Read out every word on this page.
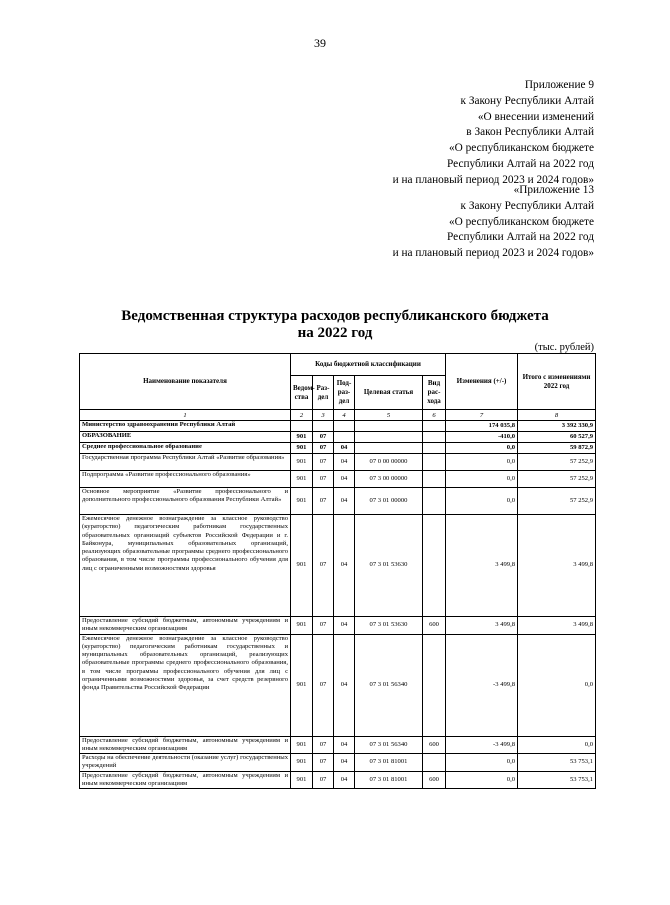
39
Приложение 9
к Закону Республики Алтай
«О внесении изменений
в Закон Республики Алтай
«О республиканском бюджете
Республики Алтай на 2022 год
и на плановый период 2023 и 2024 годов»
«Приложение 13
к Закону Республики Алтай
«О республиканском бюджете
Республики Алтай на 2022 год
и на плановый период 2023 и 2024 годов»
Ведомственная структура расходов республиканского бюджета
на 2022 год
(тыс. рублей)
Наименование показателя	Коды бюджетной классификации					Изменения (+/-)	Итого с изменениями 2022 год
	Ведом-ства	Раз-дел	Под-раз-дел	Целевая статья	Вид рас-хода		
1	2	3	4	5	6	7	8
Министерство здравоохранения Республики Алтай						174 035,8	3 392 330,9
ОБРАЗОВАНИЕ	901	07				-410,0	60 527,9
Среднее профессиональное образование	901	07	04			0,0	59 872,9
Государственная программа Республики Алтай «Развитие образования»	901	07	04	07 0 00 00000		0,0	57 252,9
Подпрограмма «Развитие профессионального образования»	901	07	04	07 3 00 00000		0,0	57 252,9
Основное мероприятие «Развитие профессионального и дополнительного профессионального образования Республики Алтай»	901	07	04	07 3 01 00000		0,0	57 252,9
Ежемесячное денежное вознаграждение за классное руководство (кураторство) педагогическим работникам государственных образовательных организаций субъектов Российской Федерации и г. Байконура, муниципальных образовательных организаций, реализующих образовательные программы среднего профессионального образования, в том числе программы профессионального обучения для лиц с ограниченными возможностями здоровья	901	07	04	07 3 01 53630		3 499,8	3 499,8
Предоставление субсидий бюджетным, автономным учреждениям и иным некоммерческим организациям	901	07	04	07 3 01 53630	600	3 499,8	3 499,8
Ежемесячное денежное вознаграждение за классное руководство (кураторство) педагогическим работникам государственных и муниципальных образовательных организаций, реализующих образовательные программы среднего профессионального образования, в том числе программы профессионального обучения для лиц с ограниченными возможностями здоровья, за счет средств резервного фонда Правительства Российской Федерации	901	07	04	07 3 01 56340		-3 499,8	0,0
Предоставление субсидий бюджетным, автономным учреждениям и иным некоммерческим организациям	901	07	04	07 3 01 56340	600	-3 499,8	0,0
Расходы на обеспечение деятельности (оказание услуг) государственных учреждений	901	07	04	07 3 01 81001		0,0	53 753,1
Предоставление субсидий бюджетным, автономным учреждениям и иным некоммерческим организациям	901	07	04	07 3 01 81001	600	0,0	53 753,1
